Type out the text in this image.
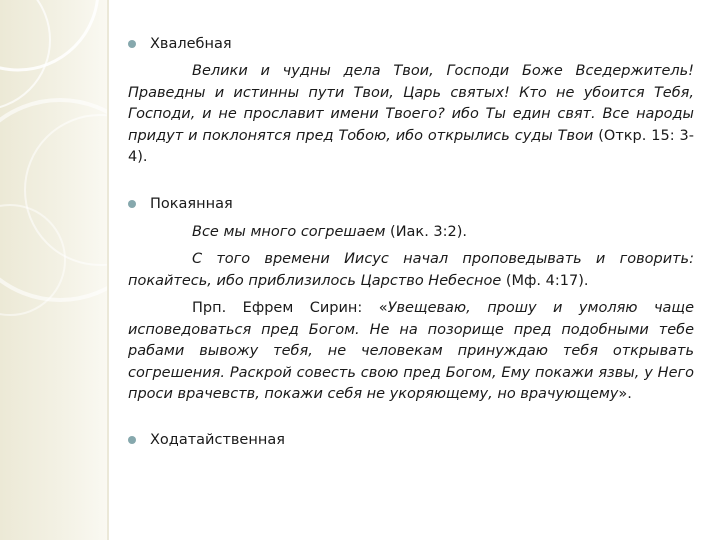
Хвалебная

Велики и чудны дела Твои, Господи Боже Вседержитель! Праведны и истинны пути Твои, Царь святых! Кто не убоится Тебя, Господи, и не прославит имени Твоего? ибо Ты един свят. Все народы придут и поклонятся пред Тобою, ибо открылись суды Твои (Откр. 15: 3-4).

Покаянная

Все мы много согрешаем (Иак. 3:2).

С того времени Иисус начал проповедывать и говорить: покайтесь, ибо приблизилось Царство Небесное (Мф. 4:17).

Прп. Ефрем Сирин: «Увещеваю, прошу и умоляю чаще исповедоваться пред Богом. Не на позорище пред подобными тебе рабами вывожу тебя, не человекам принуждаю тебя открывать согрешения. Раскрой совесть свою пред Богом, Ему покажи язвы, у Него проси врачевств, покажи себя не укоряющему, но врачующему».

Ходатайственная
